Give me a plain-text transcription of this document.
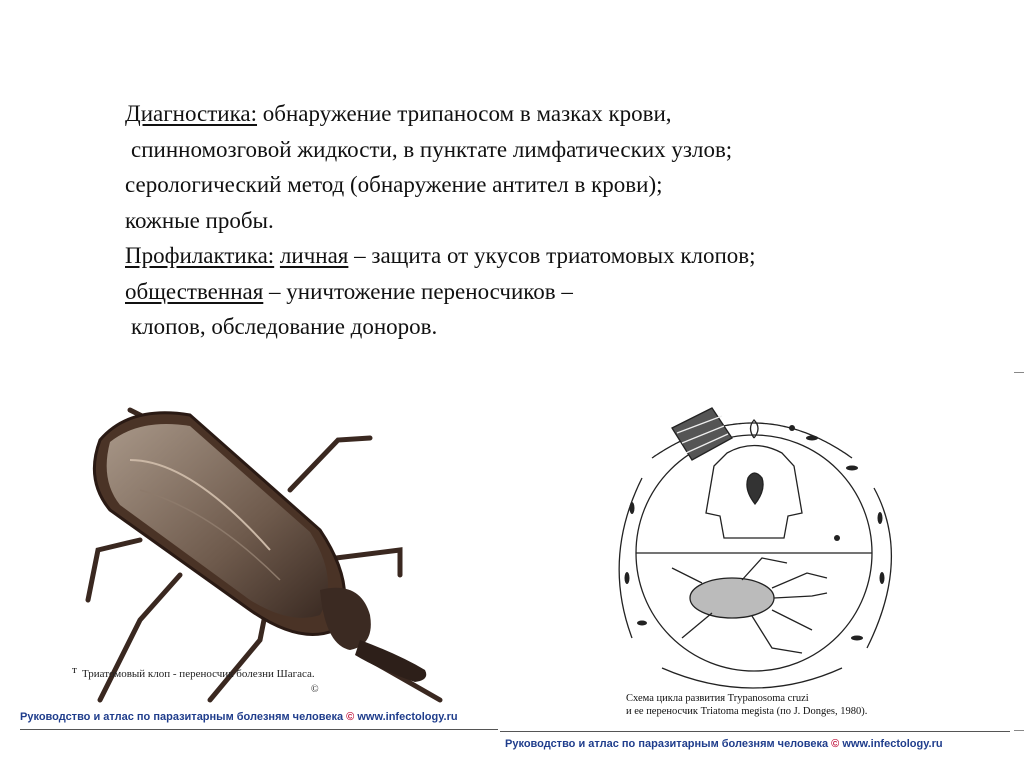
Диагностика: обнаружение трипаносом в мазках крови,
спинномозговой жидкости, в пунктате лимфатических узлов;
серологический метод (обнаружение антител в крови);
кожные пробы.
Профилактика: личная – защита от укусов триатомовых клопов;
общественная – уничтожение переносчиков –
клопов, обследование доноров.
т Триатомовый клоп - переносчик болезни Шагаса.
©
Схема цикла развития Trypanosoma cruzi
и ее переносчик Triatoma megista (по J. Donges, 1980).
Руководство и атлас по паразитарным болезням человека © www.infectology.ru
Руководство и атлас по паразитарным болезням человека © www.infectology.ru
